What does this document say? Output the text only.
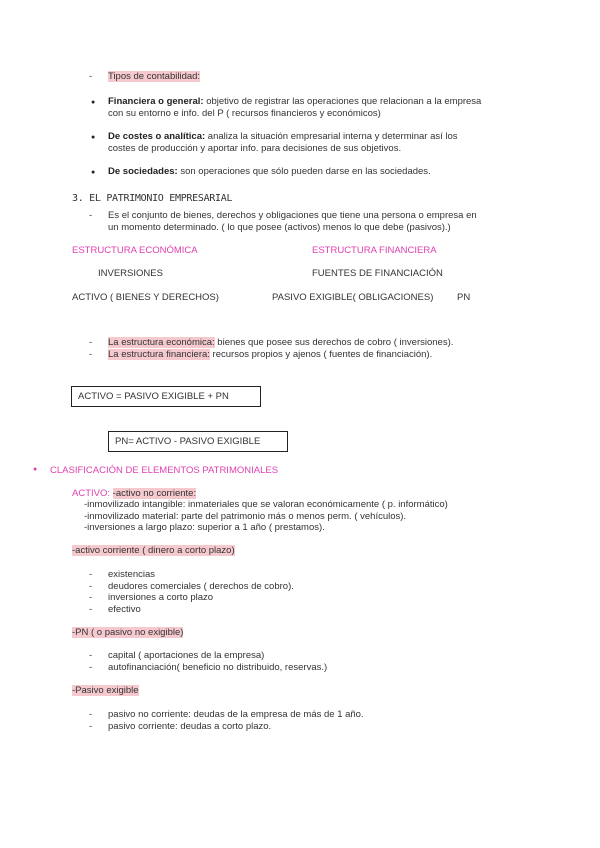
Tipos de contabilidad:
● Financiera o general: objetivo de registrar las operaciones que relacionan a la empresa
con su entorno e info. del P ( recursos financieros y económicos)
● De costes o analítica: analiza la situación empresarial interna y determinar así los
costes de producción y aportar info. para decisiones de sus objetivos.
● De sociedades: son operaciones que sólo pueden darse en las sociedades.
3. EL PATRIMONIO EMPRESARIAL
- Es el conjunto de bienes, derechos y obligaciones que tiene una persona o empresa en
un momento determinado. ( lo que posee (activos) menos lo que debe (pasivos).)
ESTRUCTURA ECONÓMICA	ESTRUCTURA FINANCIERA
INVERSIONES	FUENTES DE FINANCIACIÓN
ACTIVO ( BIENES Y DERECHOS)	PASIVO EXIGIBLE( OBLIGACIONES) PN
- La estructura económica: bienes que posee sus derechos de cobro ( inversiones).
- La estructura financiera: recursos propios y ajenos ( fuentes de financiación).
ACTIVO = PASIVO EXIGIBLE + PN
PN= ACTIVO - PASIVO EXIGIBLE
● CLASIFICACIÓN DE ELEMENTOS PATRIMONIALES
ACTIVO: -activo no corriente:
-inmovilizado intangible: inmateriales que se valoran económicamente ( p. informático)
-inmovilizado material: parte del patrimonio más o menos perm. ( vehículos).
-inversiones a largo plazo: superior a 1 año ( prestamos).
-activo corriente ( dinero a corto plazo)
- existencias
- deudores comerciales ( derechos de cobro).
- inversiones a corto plazo
- efectivo
-PN ( o pasivo no exigible)
- capital ( aportaciones de la empresa)
- autofinanciación( beneficio no distribuido, reservas.)
-Pasivo exigible
- pasivo no corriente: deudas de la empresa de más de 1 año.
- pasivo corriente: deudas a corto plazo.
